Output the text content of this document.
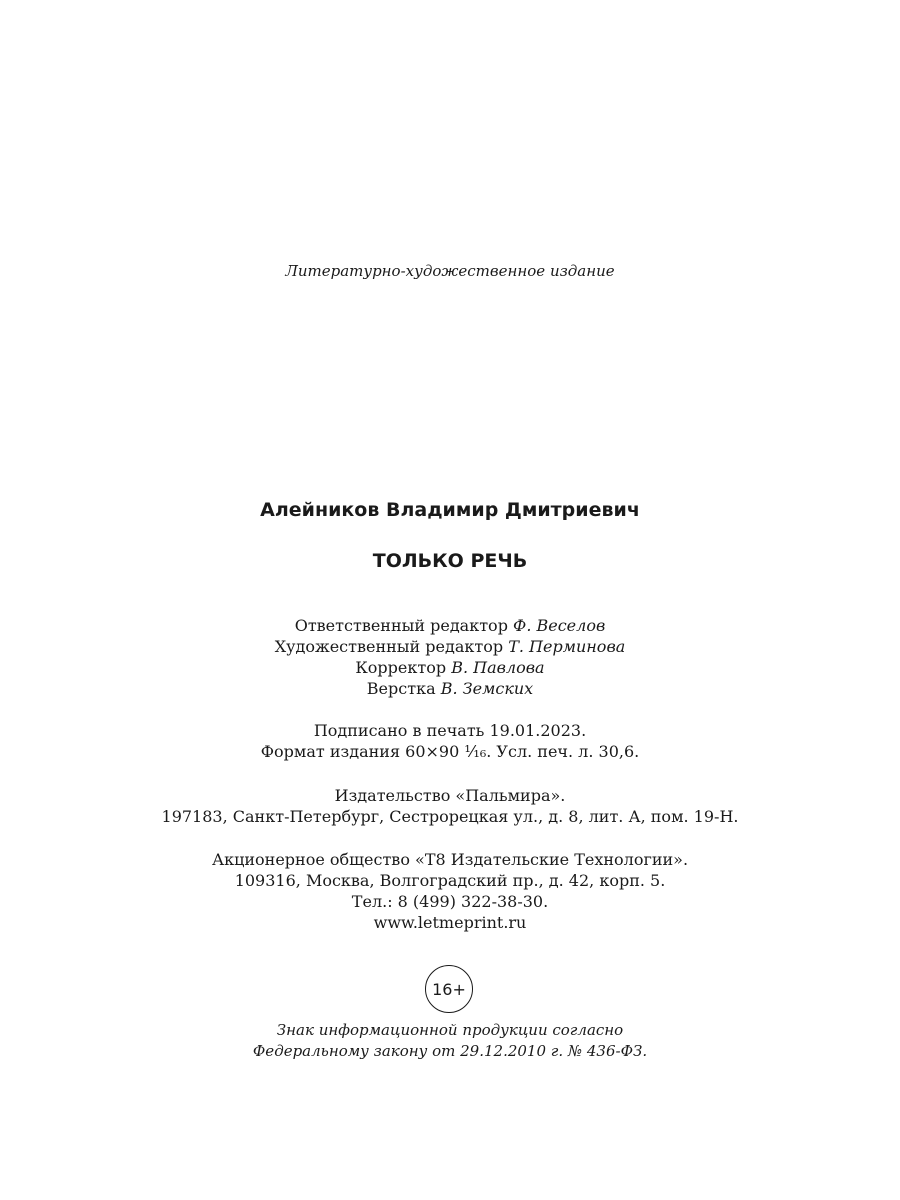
Литературно-художественное издание
Алейников Владимир Дмитриевич
ТОЛЬКО РЕЧЬ
Ответственный редактор Ф. Веселов
Художественный редактор Т. Перминова
Корректор В. Павлова
Верстка В. Земских
Подписано в печать 19.01.2023.
Формат издания 60×90 ¹⁄₁₆. Усл. печ. л. 30,6.
Издательство «Пальмира».
197183, Санкт-Петербург, Сестрорецкая ул., д. 8, лит. А, пом. 19-Н.
Акционерное общество «Т8 Издательские Технологии».
109316, Москва, Волгоградский пр., д. 42, корп. 5.
Тел.: 8 (499) 322-38-30.
www.letmeprint.ru
16+
Знак информационной продукции согласно
Федеральному закону от 29.12.2010 г. № 436-ФЗ.
